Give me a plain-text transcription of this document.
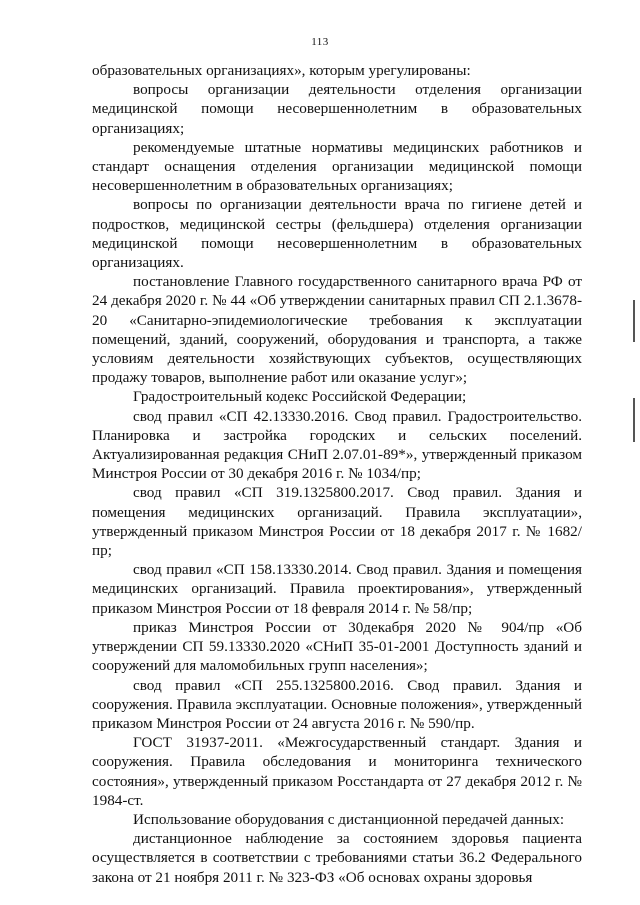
113

образовательных организациях», которым урегулированы:

вопросы организации деятельности отделения организации медицинской помощи несовершеннолетним в образовательных организациях;

рекомендуемые штатные нормативы медицинских работников и стандарт оснащения отделения организации медицинской помощи несовершеннолетним в образовательных организациях;

вопросы по организации деятельности врача по гигиене детей и подростков, медицинской сестры (фельдшера) отделения организации медицинской помощи несовершеннолетним в образовательных организациях.

постановление Главного государственного санитарного врача РФ от 24 декабря 2020 г. № 44 «Об утверждении санитарных правил СП 2.1.3678-20 «Санитарно-эпидемиологические требования к эксплуатации помещений, зданий, сооружений, оборудования и транспорта, а также условиям деятельности хозяйствующих субъектов, осуществляющих продажу товаров, выполнение работ или оказание услуг»;

Градостроительный кодекс Российской Федерации;

свод правил «СП 42.13330.2016. Свод правил. Градостроительство. Планировка и застройка городских и сельских поселений. Актуализированная редакция СНиП 2.07.01-89*», утвержденный приказом Минстроя России от 30 декабря 2016 г. № 1034/пр;

свод правил «СП 319.1325800.2017. Свод правил. Здания и помещения медицинских организаций. Правила эксплуатации», утвержденный приказом Минстроя России от 18 декабря 2017 г. № 1682/пр;

свод правил «СП 158.13330.2014. Свод правил. Здания и помещения медицинских организаций. Правила проектирования», утвержденный приказом Минстроя России от 18 февраля 2014 г. № 58/пр;

приказ Минстроя России от 30декабря 2020 № 904/пр «Об утверждении СП 59.13330.2020 «СНиП 35-01-2001 Доступность зданий и сооружений для маломобильных групп населения»;

свод правил «СП 255.1325800.2016. Свод правил. Здания и сооружения. Правила эксплуатации. Основные положения», утвержденный приказом Минстроя России от 24 августа 2016 г. № 590/пр.

ГОСТ 31937-2011. «Межгосударственный стандарт. Здания и сооружения. Правила обследования и мониторинга технического состояния», утвержденный приказом Росстандарта от 27 декабря 2012 г. № 1984-ст.

Использование оборудования с дистанционной передачей данных:

дистанционное наблюдение за состоянием здоровья пациента осуществляется в соответствии с требованиями статьи 36.2 Федерального закона от 21 ноября 2011 г. № 323-ФЗ «Об основах охраны здоровья
